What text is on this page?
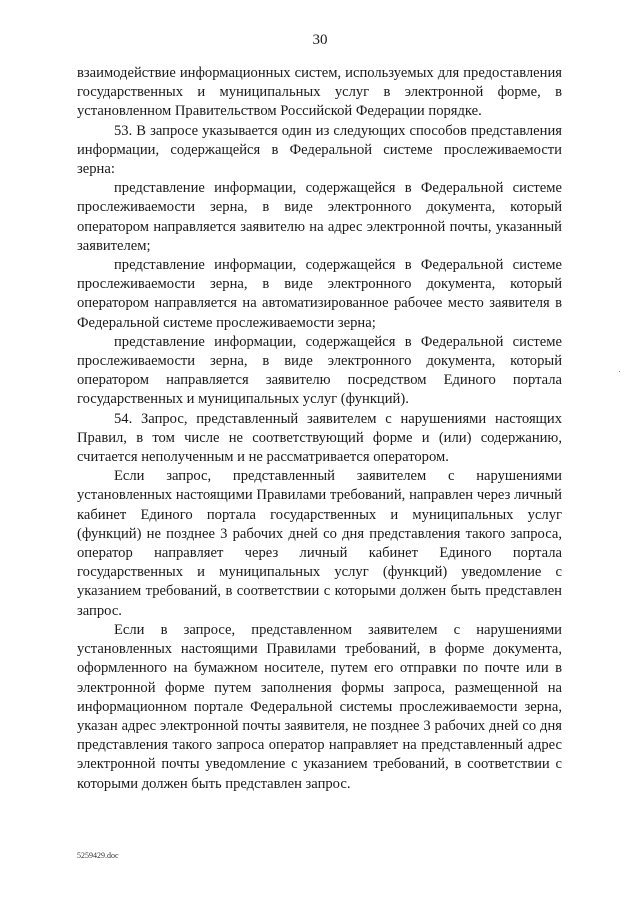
30

взаимодействие информационных систем, используемых для предоставления государственных и муниципальных услуг в электронной форме, в установленном Правительством Российской Федерации порядке.

53. В запросе указывается один из следующих способов представления информации, содержащейся в Федеральной системе прослеживаемости зерна:

представление информации, содержащейся в Федеральной системе прослеживаемости зерна, в виде электронного документа, который оператором направляется заявителю на адрес электронной почты, указанный заявителем;

представление информации, содержащейся в Федеральной системе прослеживаемости зерна, в виде электронного документа, который оператором направляется на автоматизированное рабочее место заявителя в Федеральной системе прослеживаемости зерна;

представление информации, содержащейся в Федеральной системе прослеживаемости зерна, в виде электронного документа, который оператором направляется заявителю посредством Единого портала государственных и муниципальных услуг (функций).

54. Запрос, представленный заявителем с нарушениями настоящих Правил, в том числе не соответствующий форме и (или) содержанию, считается неполученным и не рассматривается оператором.

Если запрос, представленный заявителем с нарушениями установленных настоящими Правилами требований, направлен через личный кабинет Единого портала государственных и муниципальных услуг (функций) не позднее 3 рабочих дней со дня представления такого запроса, оператор направляет через личный кабинет Единого портала государственных и муниципальных услуг (функций) уведомление с указанием требований, в соответствии с которыми должен быть представлен запрос.

Если в запросе, представленном заявителем с нарушениями установленных настоящими Правилами требований, в форме документа, оформленного на бумажном носителе, путем его отправки по почте или в электронной форме путем заполнения формы запроса, размещенной на информационном портале Федеральной системы прослеживаемости зерна, указан адрес электронной почты заявителя, не позднее 3 рабочих дней со дня представления такого запроса оператор направляет на представленный адрес электронной почты уведомление с указанием требований, в соответствии с которыми должен быть представлен запрос.

5259429.doc
